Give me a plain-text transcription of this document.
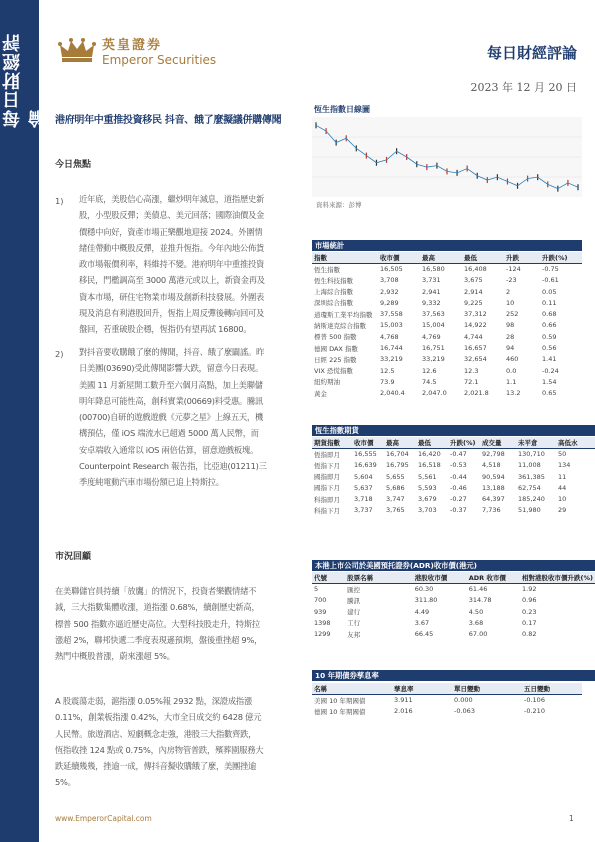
每日財經評論
英皇證券
Emperor Securities	每日財經評論
2023 年 12 月 20 日
港府明年中重推投資移民 抖音、餓了麼擬議併購傳聞
今日焦點
1) 近年底，美股信心高漲，繼炒明年減息，道指歷史新
股，小型股反彈；美債息、美元回落；國際油價及金
價穩中向好，資產市場正樂觀地迎接 2024。外圍情
緒佳帶動中概股反彈，並推升恆指。今年內地公佈貨
政市場報價利率，料維持不變。港府明年中重推投資
移民，門檻調高至 3000 萬港元或以上，新資金再及
資本市場，研住宅物業市場及創新科技發展。外圍表
現及消息有利港股回升，恆指上周反彈後轉向回可及
盤回，若重破股企穩，恆指仍有望再試 16800。
2) 對抖音要收購餓了麼的傳聞，抖音、餓了麼闢謠。昨
日美團(03690)受此傳聞影響大跌，留意今日表現。
美國 11 月新屋開工數升至六個月高點，加上美聯儲
明年降息可能性高，創科實業(00669)料受惠。騰訊
(00700)自研的遊戲遊戲《元夢之星》上線五天，機
構預估，僅 iOS 端流水已超過 5000 萬人民幣，而
安卓端收入通常以 iOS 兩倍估算，留意遊戲板塊。
Counterpoint Research 報告指，比亞迪(01211)三
季度純電動汽車市場份額已追上特斯拉。
市況回顧
在美聯儲官員持續「放鷹」的情況下，投資者樂觀情緒不
減，三大指數集體收漲，道指漲 0.68%，續創歷史新高，
標普 500 指數亦逼近歷史高位。大型科技股走升，特斯拉
漲超 2%，聯邦快遞二季度表現遜預期，盤後重挫超 9%，
熱門中概股普漲，蔚來漲超 5%。
A 股震蕩走弱，滬指漲 0.05%報 2932 點，深證成指漲
0.11%，創業板指漲 0.42%，大市全日成交約 6428 億元
人民幣。旅遊酒店、短劇概念走強，港股三大指數齊跌，
恆指收挫 124 點或 0.75%，內房物管普跌，殯葬園服務大
跌延續幾幾，挫逾一成，傳抖音擬收購餓了麼，美團挫逾
5%。
恆生指數日線圖
資料來源：彭博
市場統計
指數	收市價	最高	最低	升跌	升跌(%)
恆生指數	16,505	16,580	16,408	-124	-0.75
恆生科技指數	3,708	3,731	3,675	-23	-0.61
上海綜合指數	2,932	2,941	2,914	2	0.05
深圳綜合指數	9,289	9,332	9,225	10	0.11
道瓊斯工業平均指數	37,558	37,563	37,312	252	0.68
納斯達克綜合指數	15,003	15,004	14,922	98	0.66
標普 500 指數	4,768	4,769	4,744	28	0.59
德國 DAX 指數	16,744	16,751	16,657	94	0.56
日經 225 指數	33,219	33,219	32,654	460	1.41
VIX 恐慌指數	12.5	12.6	12.3	0.0	-0.24
紐約期油	73.9	74.5	72.1	1.1	1.54
黃金	2,040.4	2,047.0	2,021.8	13.2	0.65
恆生指數期貨
期貨指數	收市價	最高	最低	升跌(%)	成交量	未平倉	高低水
恆指即月	16,555	16,704	16,420	-0.47	92,798	130,710	50
恆指下月	16,639	16,795	16,518	-0.53	4,518	11,008	134
國指即月	5,604	5,655	5,561	-0.44	90,594	361,385	11
國指下月	5,637	5,686	5,593	-0.46	13,188	62,754	44
科指即月	3,718	3,747	3,679	-0.27	64,397	185,240	10
科指下月	3,737	3,765	3,703	-0.37	7,736	51,980	29
本港上市公司於美國預托證券(ADR)收市價(港元)
代號	股票名稱	港股收市價	ADR 收市價	相對港股收市價升跌(%)
5	匯控	60.30	61.46	1.92
700	騰訊	311.80	314.78	0.96
939	建行	4.49	4.50	0.23
1398	工行	3.67	3.68	0.17
1299	友邦	66.45	67.00	0.82
10 年期債券孳息率
名稱	孳息率	單日變動	五日變動
美國 10 年期國債	3.911	0.000	-0.106
德國 10 年期國債	2.016	-0.063	-0.210
www.EmperorCapital.com	1
